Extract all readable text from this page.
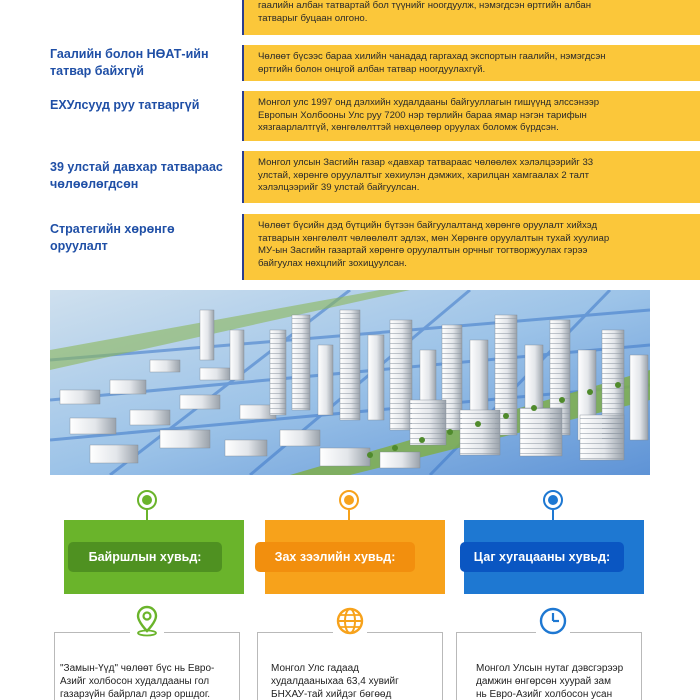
гаалийн албан татвартай бол түүнийг ноогдуулж, нэмэгдсэн өртгийн албан
татварыг буцаан олгоно.
Гаалийн болон НӨАТ-ийн татвар байхгүй
Чөлөөт бүсээс бараа хилийн чанадад гаргахад экспортын гаалийн, нэмэгдсэн
өртгийн болон онцгой албан татвар ноогдуулахгүй.
ЕХУлсууд руу татваргүй	Монгол улс 1997 онд дэлхийн худалдааны байгууллагын гишүүнд элссэнээр
Европын Холбооны Улс руу 7200 нэр төрлийн бараа ямар нэгэн тарифын
хязгаарлалтгүй, хөнгөлөлттэй нөхцөлөөр оруулах боломж бүрдсэн.
39 улстай давхар татвараас чөлөөлөгдсөн
Монгол улсын Засгийн газар «давхар татвараас чөлөөлөх хэлэлцээрийг 33
улстай, хөрөнгө оруулалтыг хөхиулэн дэмжих, харилцан хамгаалах 2 талт
хэлэлцээрийг 39 улстай байгуулсан.
Стратегийн хөрөнгө оруулалт
Чөлөөт бүсийн дэд бүтцийн бүтээн байгуулалтанд хөрөнгө оруулалт хийхэд
татварын хөнгөлөлт чөлөөлөлт эдлэх, мөн Хөрөнгө оруулалтын тухай хуулиар
МУ-ын Засгийн газартай хөрөнгө оруулалтын орчныг тогтворжуулах гэрээ
байгуулах нөхцлийг зохицуулсан.
Байршлын хувьд:
"Замын-Үүд" чөлөөт бүс нь Евро-
Азийг холбосон худалдааны гол
газарзүйн байрлал дээр оршдог.
Зах зээлийн хувьд:
Монгол Улс гадаад
худалдааныхаа 63,4 хувийг
БНХАУ-тай хийдэг бөгөөд
Цаг хугацааны хувьд:
Монгол Улсын нутаг дэвсгэрээр
дамжин өнгөрсөн хуурай зам
нь Евро-Азийг холбосон усан
